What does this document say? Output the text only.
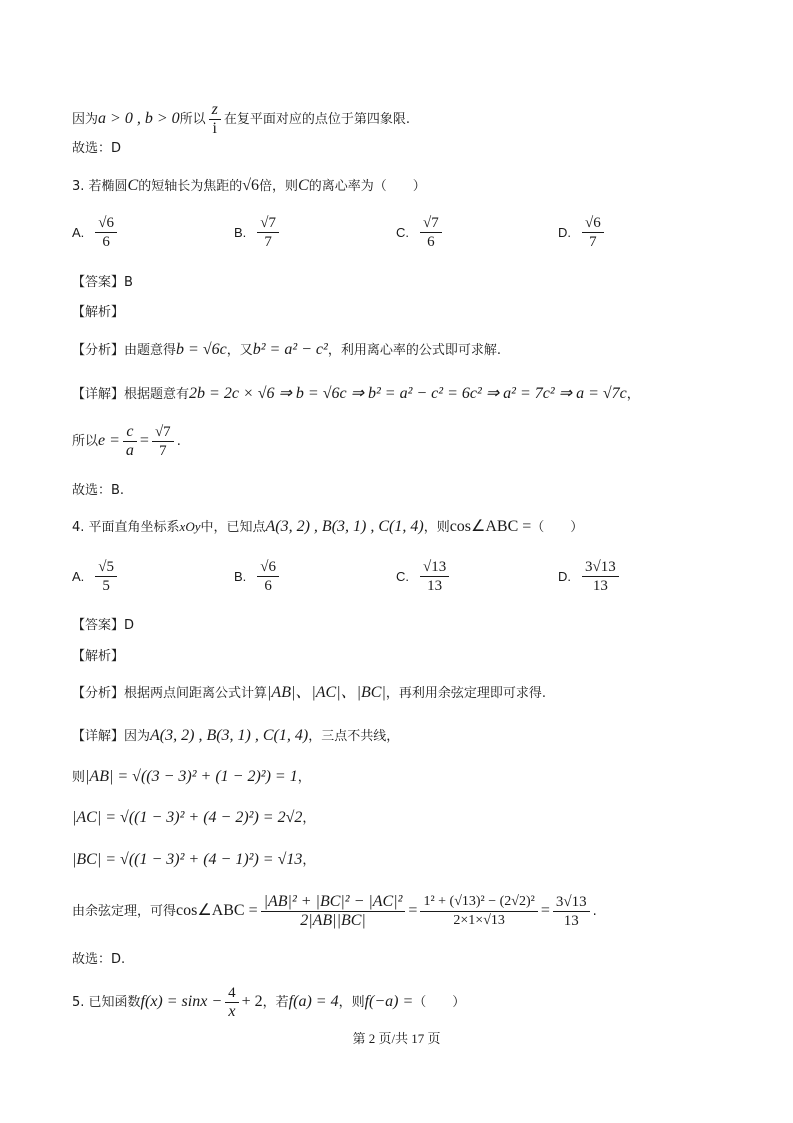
因为a > 0 , b > 0所以 $\frac{z}{i}$ 在复平面对应的点位于第四象限.
故选：D
3. 若椭圆C的短轴长为焦距的√6倍，则C的离心率为（　　）
A. $\frac{√6}{6}$	B. $\frac{√7}{7}$	C. $\frac{√7}{6}$	D. $\frac{√6}{7}$
【答案】B
【解析】
【分析】由题意得b = √6c，又b² = a² − c²，利用离心率的公式即可求解.
【详解】根据题意有2b = 2c × √6 ⇒ b = √6c ⇒ b² = a² − c² = 6c² ⇒ a² = 7c² ⇒ a = √7c，
所以$e = \frac{c}{a} = \frac{√7}{7}$ .
故选：B.
4. 平面直角坐标系xOy中，已知点A(3, 2) , B(3, 1) , C(1, 4)，则cos∠ABC =（　　）
A. $\frac{√5}{5}$	B. $\frac{√6}{6}$	C. $\frac{√13}{13}$	D. $\frac{3√13}{13}$
【答案】D
【解析】
【分析】根据两点间距离公式计算|AB|、|AC|、|BC|，再利用余弦定理即可求得.
【详解】因为A(3, 2) , B(3, 1) , C(1, 4)，三点不共线，
则|AB| = √((3 − 3)² + (1 − 2)²) = 1，
|AC| = √((1 − 3)² + (4 − 2)²) = 2√2，
|BC| = √((1 − 3)² + (4 − 1)²) = √13，
由余弦定理，可得cos∠ABC = $\frac{\text{|AB|² + |BC|² − |AC|²}}{2|AB||BC|} = \frac{\text{1² + (√13)² − (2√2)²}}{2\times 1\times√13} = \frac{3√13}{13}$ .
故选：D.
5. 已知函数$f(x) = \sin x - \frac{4}{x} + 2$，若f(a) = 4，则f(−a) =（　　）
第 2 页/共 17 页
